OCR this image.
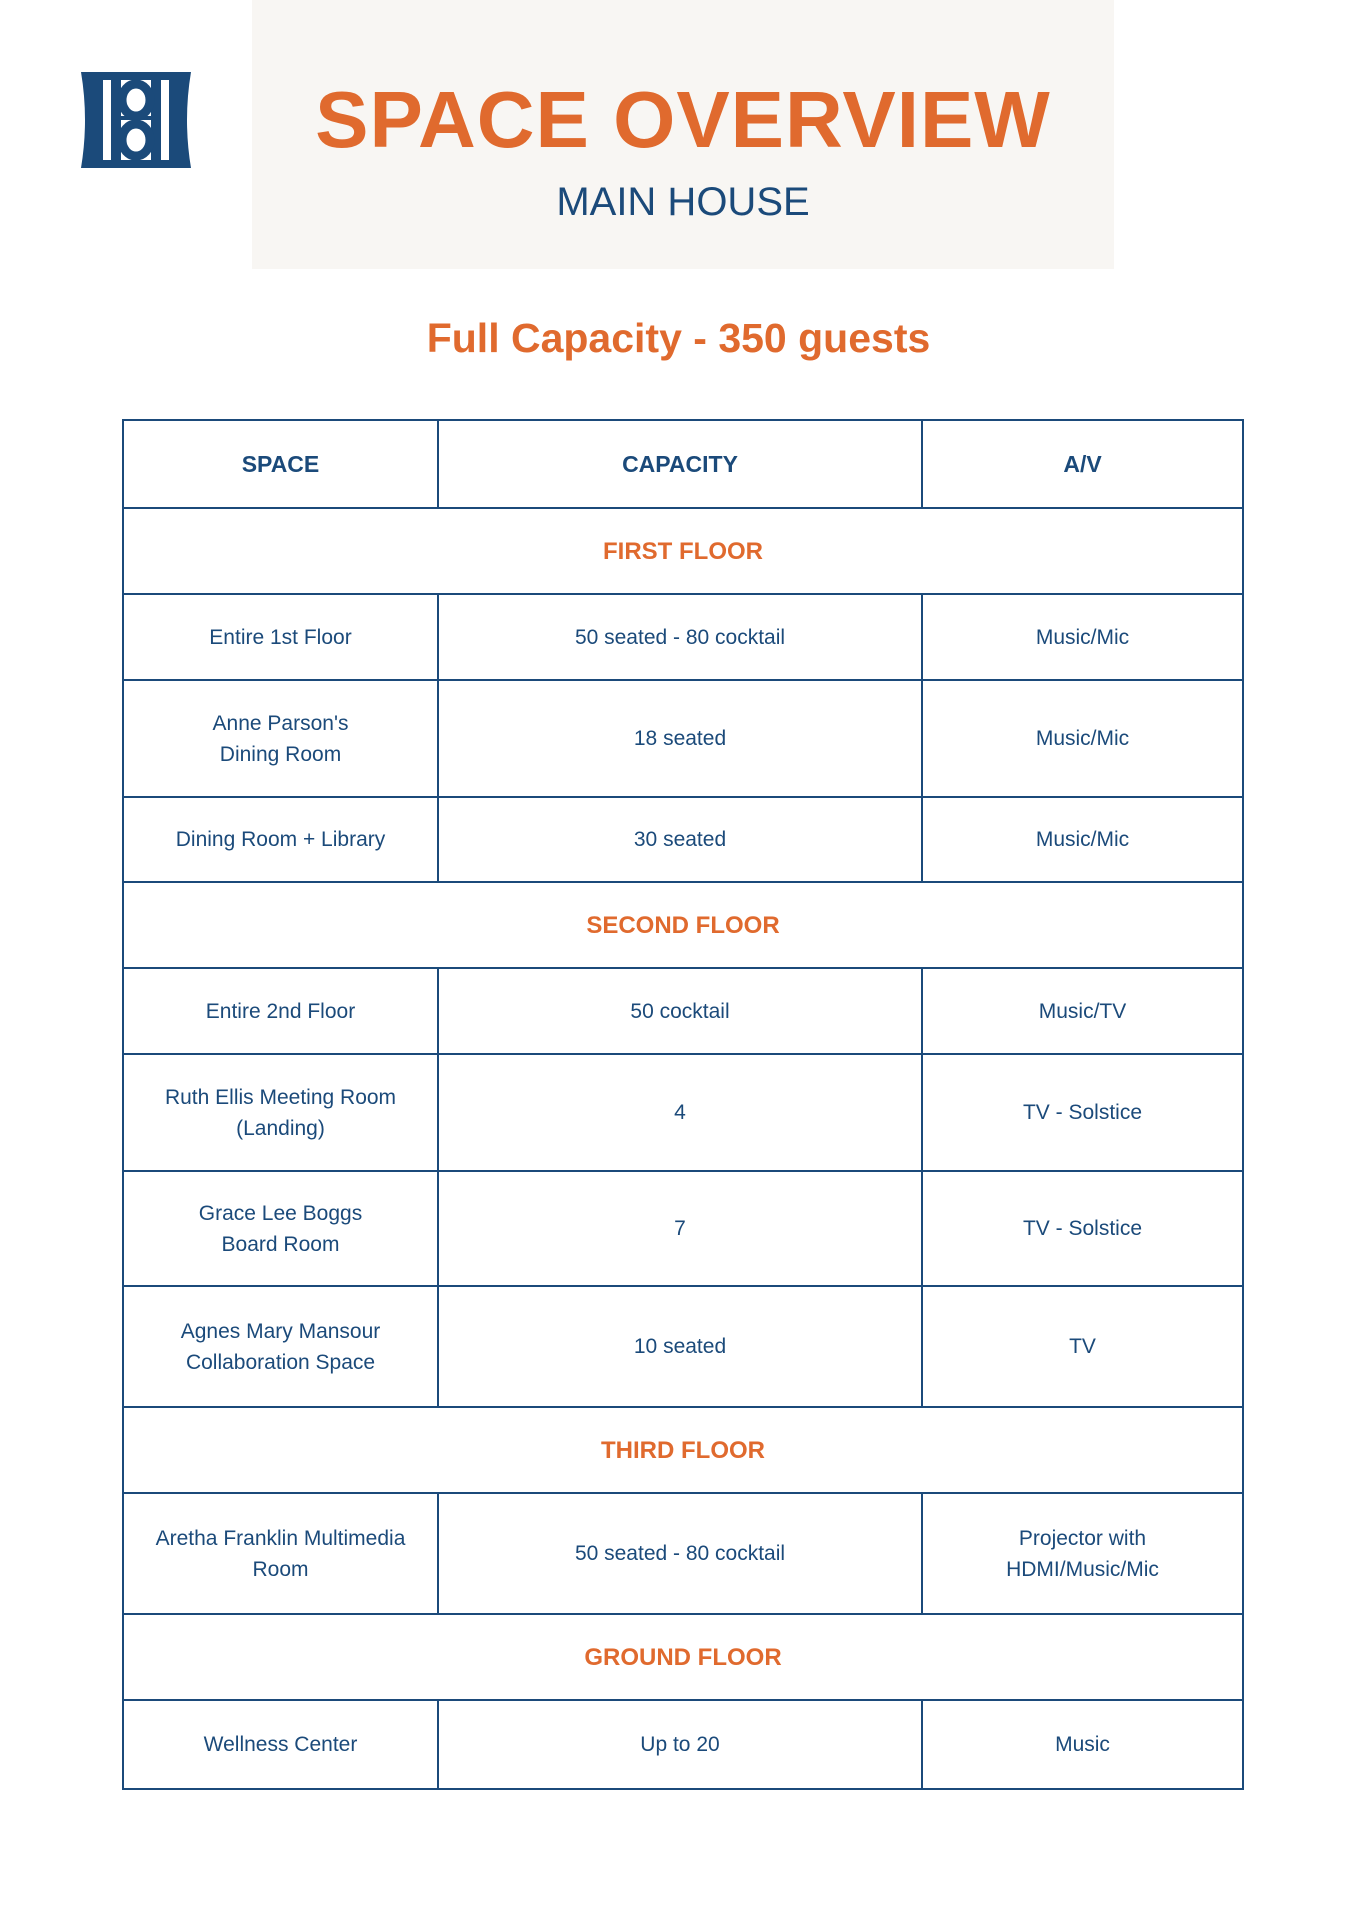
SPACE OVERVIEW
MAIN HOUSE
Full Capacity - 350 guests
SPACE	CAPACITY	A/V
FIRST FLOOR		
Entire 1st Floor	50 seated - 80 cocktail	Music/Mic
Anne Parson's
Dining Room	18 seated	Music/Mic
Dining Room + Library	30 seated	Music/Mic
SECOND FLOOR		
Entire 2nd Floor	50 cocktail	Music/TV
Ruth Ellis Meeting Room
(Landing)	4	TV - Solstice
Grace Lee Boggs
Board Room	7	TV - Solstice
Agnes Mary Mansour
Collaboration Space	10 seated	TV
THIRD FLOOR		
Aretha Franklin Multimedia
Room	50 seated - 80 cocktail	Projector with
HDMI/Music/Mic
GROUND FLOOR		
Wellness Center	Up to 20	Music
